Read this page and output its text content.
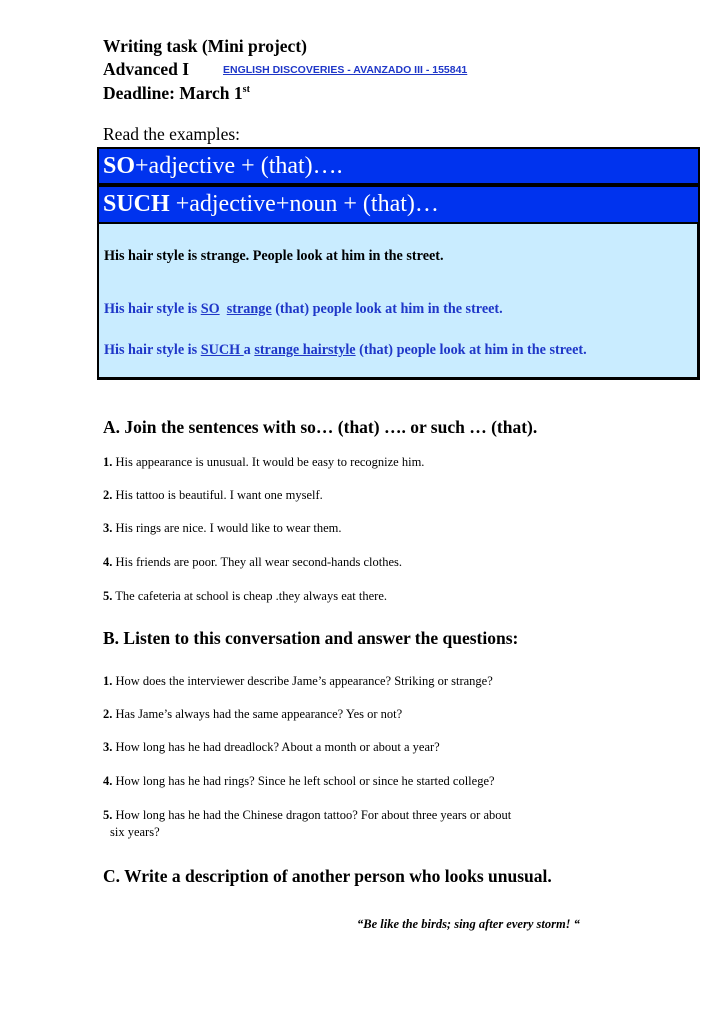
Writing task (Mini project)
Advanced I	ENGLISH DISCOVERIES - AVANZADO III - 155841
Deadline: March 1st
Read the examples:
SO+adjective + (that)….
SUCH +adjective+noun + (that)…
His hair style is strange. People look at him in the street.
His hair style is SO strange (that) people look at him in the street.
His hair style is SUCH a strange hairstyle (that) people look at him in the street.
A. Join the sentences with so… (that) …. or such … (that).
1. His appearance is unusual. It would be easy to recognize him.
2. His tattoo is beautiful. I want one myself.
3. His rings are nice. I would like to wear them.
4. His friends are poor. They all wear second-hands clothes.
5. The cafeteria at school is cheap .they always eat there.
B. Listen to this conversation and answer the questions:
1. How does the interviewer describe Jame’s appearance? Striking or strange?
2. Has Jame’s always had the same appearance? Yes or not?
3. How long has he had dreadlock? About a month or about a year?
4. How long has he had rings? Since he left school or since he started college?
5. How long has he had the Chinese dragon tattoo? For about three years or about
six years?
C. Write a description of another person who looks unusual.
“Be like the birds; sing after every storm! “
